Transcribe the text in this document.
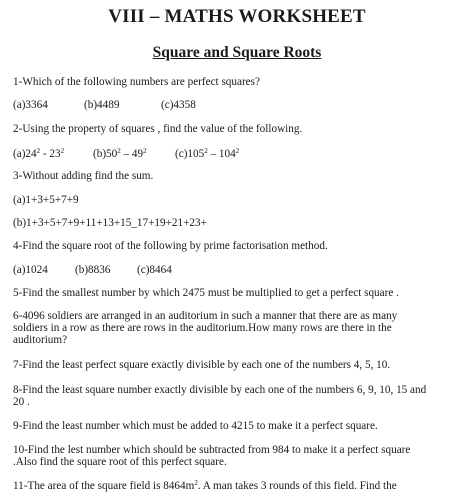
VIII – MATHS WORKSHEET
Square and Square Roots
1-Which of the following numbers are perfect squares?
(a)3364	(b)4489	(c)4358
2-Using the property of squares , find the value of the following.
$(a)24^2 - 23^2$	$(b)50^2 - 49^2$	$(c)105^2 - 104^2$
3-Without adding find the sum.
(a)1+3+5+7+9
(b)1+3+5+7+9+11+13+15_17+19+21+23+
4-Find the square root of the following by prime factorisation method.
(a)1024 (b)8836 (c)8464
5-Find the smallest number by which 2475 must be multiplied to get a perfect square .
6-4096 soldiers are arranged in an auditorium in such a manner that there are as many
soldiers in a row as there are rows in the auditorium.How many rows are there in the
auditorium?
7-Find the least perfect square exactly divisible by each one of the numbers 4, 5, 10.
8-Find the least square number exactly divisible by each one of the numbers 6, 9, 10, 15 and
20 .
9-Find the least number which must be added to 4215 to make it a perfect square.
10-Find the lest number which should be subtracted from 984 to make it a perfect square
.Also find the square root of this perfect square.
11-The area of the square field is $8464m^2$. A man takes 3 rounds of this field. Find the
